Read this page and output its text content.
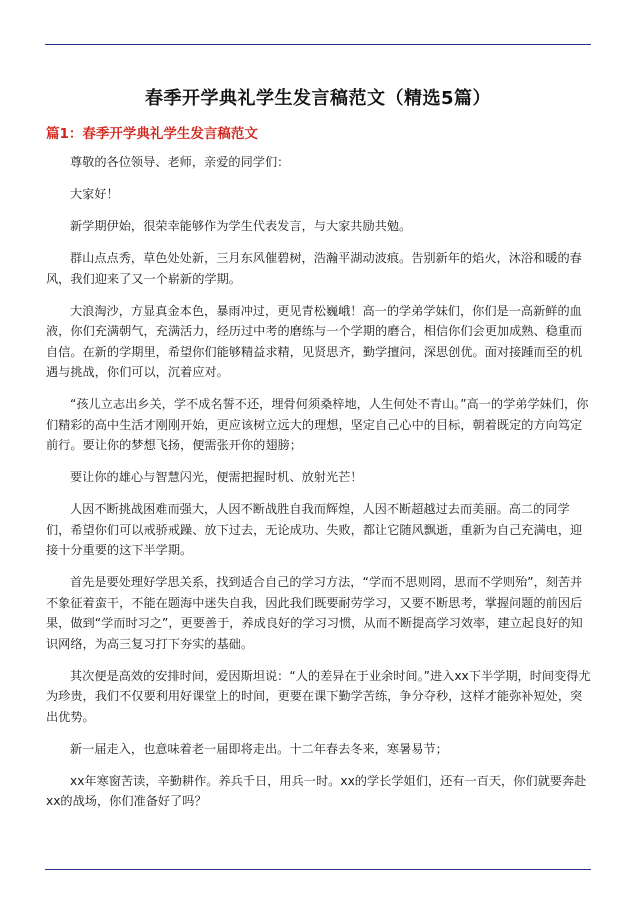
春季开学典礼学生发言稿范文（精选5篇）
篇1：春季开学典礼学生发言稿范文

尊敬的各位领导、老师，亲爱的同学们：

大家好！

新学期伊始，很荣幸能够作为学生代表发言，与大家共励共勉。

群山点点秀，草色处处新，三月东风催碧树，浩瀚平湖动波痕。告别新年的焰火，沐浴和暖的春风，我们迎来了又一个崭新的学期。

大浪淘沙，方显真金本色，暴雨冲过，更见青松巍峨！高一的学弟学妹们，你们是一高新鲜的血液，你们充满朝气，充满活力，经历过中考的磨练与一个学期的磨合，相信你们会更加成熟、稳重而自信。在新的学期里，希望你们能够精益求精，见贤思齐，勤学擅问，深思创优。面对接踵而至的机遇与挑战，你们可以，沉着应对。

“孩儿立志出乡关，学不成名誓不还，埋骨何须桑梓地，人生何处不青山。”高一的学弟学妹们，你们精彩的高中生活才刚刚开始，更应该树立远大的理想，坚定自己心中的目标，朝着既定的方向笃定前行。要让你的梦想飞扬，便需张开你的翅膀；

要让你的雄心与智慧闪光，便需把握时机、放射光芒！

人因不断挑战困难而强大，人因不断战胜自我而辉煌，人因不断超越过去而美丽。高二的同学们，希望你们可以戒骄戒躁、放下过去，无论成功、失败，都让它随风飘逝，重新为自己充满电，迎接十分重要的这下半学期。

首先是要处理好学思关系，找到适合自己的学习方法，“学而不思则罔，思而不学则殆”，刻苦并不象征着蛮干，不能在题海中迷失自我，因此我们既要耐劳学习，又要不断思考，掌握问题的前因后果，做到“学而时习之”，更要善于，养成良好的学习习惯，从而不断提高学习效率，建立起良好的知识网络，为高三复习打下夯实的基础。

其次便是高效的安排时间，爱因斯坦说：“人的差异在于业余时间。”进入xx下半学期，时间变得尤为珍贵，我们不仅要利用好课堂上的时间，更要在课下勤学苦练，争分夺秒，这样才能弥补短处，突出优势。

新一届走入，也意味着老一届即将走出。十二年春去冬来，寒暑易节；

xx年寒窗苦读，辛勤耕作。养兵千日，用兵一时。xx的学长学姐们，还有一百天，你们就要奔赴xx的战场，你们准备好了吗？
